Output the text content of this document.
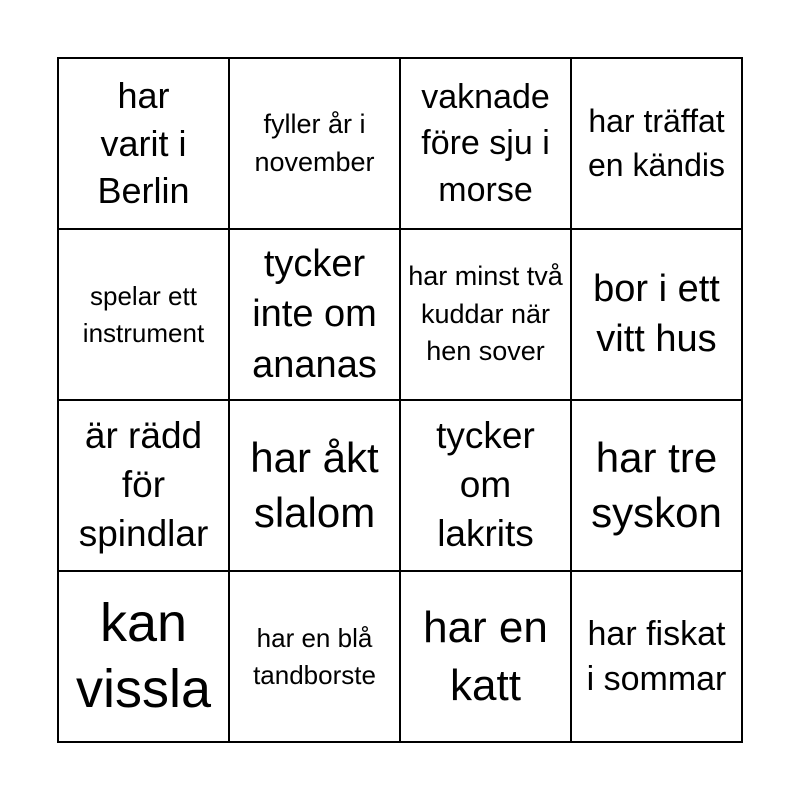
har varit i Berlin
fyller år i november
vaknade före sju i morse
har träffat en kändis
spelar ett instrument
tycker inte om ananas
har minst två kuddar när hen sover
bor i ett vitt hus
är rädd för spindlar
har åkt slalom
tycker om lakrits
har tre syskon
kan vissla
har en blå tandborste
har en katt
har fiskat i sommar
